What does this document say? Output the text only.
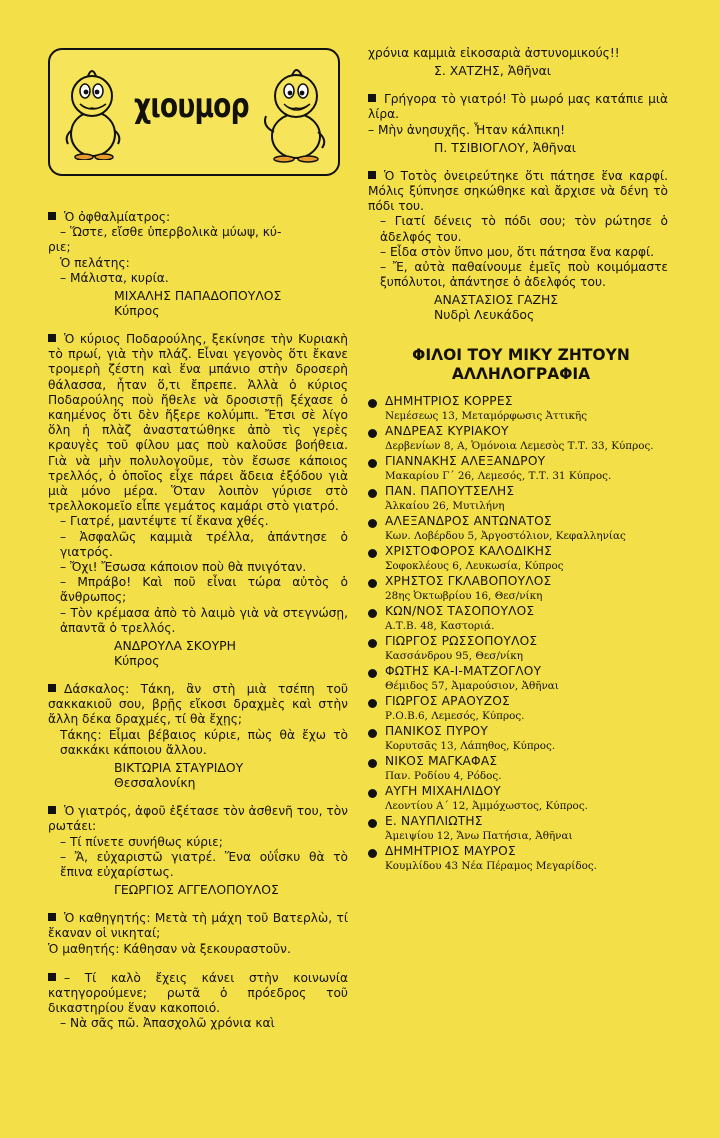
χιουμορ

Ὁ ὀφθαλμίατρος:

– Ὥστε, εἴσθε ὑπερβολικὰ μύωψ, κύ-

ριε;

Ὁ πελάτης:

– Μάλιστα, κυρία.

ΜΙΧΑΛΗΣ ΠΑΠΑΔΟΠΟΥΛΟΣ

Κύπρος

Ὁ κύριος Ποδαρούλης, ξεκίνησε τὴν Κυριακὴ τὸ πρωί, γιὰ τὴν πλάζ. Εἶναι γεγονὸς ὅτι ἔκανε τρομερὴ ζέστη καὶ ἕνα μπάνιο στὴν δροσερὴ θάλασσα, ἦταν ὅ,τι ἔπρεπε. Ἀλλὰ ὁ κύριος Ποδαρούλης ποὺ ἤθελε νὰ δροσιστῇ ξέχασε ὁ καημένος ὅτι δὲν ἤξερε κολύμπι. Ἔτσι σὲ λίγο ὅλη ἡ πλὰζ ἀναστατώθηκε ἀπὸ τὶς γερὲς κραυγὲς τοῦ φίλου μας ποὺ καλοῦσε βοήθεια. Γιὰ νὰ μὴν πολυλογοῦμε, τὸν ἔσωσε κάποιος τρελλός, ὁ ὁποῖος εἶχε πάρει ἄδεια ἐξόδου γιὰ μιὰ μόνο μέρα. Ὅταν λοιπὸν γύρισε στὸ τρελλοκομεῖο εἶπε γεμάτος καμάρι στὸ γιατρό.

– Γιατρέ, μαντέψτε τί ἔκανα χθές.

– Ἀσφαλῶς καμμιὰ τρέλλα, ἀπάντησε ὁ γιατρός.

– Ὄχι! Ἔσωσα κάποιον ποὺ θὰ πνιγόταν.

– Μπράβο! Καὶ ποῦ εἶναι τώρα αὐτὸς ὁ ἄνθρωπος;

– Τὸν κρέμασα ἀπὸ τὸ λαιμὸ γιὰ νὰ στεγνώσῃ, ἀπαντᾶ ὁ τρελλός.

ΑΝΔΡΟΥΛΑ ΣΚΟΥΡΗ

Κύπρος

Δάσκαλος: Τάκη, ἂν στὴ μιὰ τσέπη τοῦ σακκακιοῦ σου, βρῇς εἴκοσι δραχμὲς καὶ στὴν ἄλλη δέκα δραχμές, τί θὰ ἔχῃς;

Τάκης: Εἶμαι βέβαιος κύριε, πὼς θὰ ἔχω τὸ σακκάκι κάποιου ἄλλου.

ΒΙΚΤΩΡΙΑ ΣΤΑΥΡΙΔΟΥ

Θεσσαλονίκη

Ὁ γιατρός, ἀφοῦ ἐξέτασε τὸν ἀσθενῆ του, τὸν ρωτάει:

– Τί πίνετε συνήθως κύριε;

– Ἄ, εὐχαριστῶ γιατρέ. Ἕνα οὐΐσκυ θὰ τὸ ἔπινα εὐχαρίστως.

ΓΕΩΡΓΙΟΣ ΑΓΓΕΛΟΠΟΥΛΟΣ

Ὁ καθηγητής: Μετὰ τὴ μάχη τοῦ Βατερλὼ, τί ἔκαναν οἱ νικηταί;

Ὁ μαθητής: Κάθησαν νὰ ξεκουραστοῦν.

– Τί καλὸ ἔχεις κάνει στὴν κοινωνία κατηγορούμενε; ρωτᾶ ὁ πρόεδρος τοῦ δικαστηρίου ἕναν κακοποιό.

– Νὰ σᾶς πῶ. Ἀπασχολῶ χρόνια καὶ

χρόνια καμμιὰ εἰκοσαριὰ ἀστυνομικούς!!

Σ. ΧΑΤΖΗΣ, Ἀθῆναι

Γρήγορα τὸ γιατρό! Τὸ μωρό μας κατάπιε μιὰ λίρα.

– Μὴν ἀνησυχῆς. Ἦταν κάλπικη!

Π. ΤΣΙΒΙΟΓΛΟΥ, Ἀθῆναι

Ὁ Τοτὸς ὀνειρεύτηκε ὅτι πάτησε ἕνα καρφί. Μόλις ξύπνησε σηκώθηκε καὶ ἄρχισε νὰ δένη τὸ πόδι του.

– Γιατί δένεις τὸ πόδι σου; τὸν ρώτησε ὁ ἀδελφός του.

– Εἶδα στὸν ὕπνο μου, ὅτι πάτησα ἕνα καρφί.

– Ἔ, αὐτὰ παθαίνουμε ἐμεῖς ποὺ κοιμόμαστε ξυπόλυτοι, ἀπάντησε ὁ ἀδελφός του.

ΑΝΑΣΤΑΣΙΟΣ ΓΑΖΗΣ

Νυδρὶ Λευκάδος

ΦΙΛΟΙ ΤΟΥ ΜΙΚΥ ΖΗΤΟΥΝ ΑΛΛΗΛΟΓΡΑΦΙΑ
ΔΗΜΗΤΡΙΟΣ ΚΟΡΡΕΣ
Νεμέσεως 13, Μεταμόρφωσις Ἀττικῆς
ΑΝΔΡΕΑΣ ΚΥΡΙΑΚΟΥ
Δερβενίων 8, Α, Ὁμόνοια Λεμεσὸς Τ.Τ. 33, Κύπρος.
ΓΙΑΝΝΑΚΗΣ ΑΛΕΞΑΝΔΡΟΥ
Μακαρίου Γ΄ 26, Λεμεσός, Τ.Τ. 31 Κύπρος.
ΠΑΝ. ΠΑΠΟΥΤΣΕΛΗΣ
Ἀλκαίου 26, Μυτιλήνη
ΑΛΕΞΑΝΔΡΟΣ ΑΝΤΩΝΑΤΟΣ
Κων. Λοβέρδου 5, Ἀργοστόλιον, Κεφαλληνίας
ΧΡΙΣΤΟΦΟΡΟΣ ΚΑΛΟΔΙΚΗΣ
Σοφοκλέους 6, Λευκωσία, Κύπρος
ΧΡΗΣΤΟΣ ΓΚΛΑΒΟΠΟΥΛΟΣ
28ης Ὀκτωβρίου 16, Θεσ/νίκη
ΚΩΝ/ΝΟΣ ΤΑΣΟΠΟΥΛΟΣ
Α.Τ.Β. 48, Καστοριά.
ΓΙΩΡΓΟΣ ΡΩΣΣΟΠΟΥΛΟΣ
Κασσάνδρου 95, Θεσ/νίκη
ΦΩΤΗΣ ΚΑ-Ι-ΜΑΤΖΟΓΛΟΥ
Θέμιδος 57, Ἀμαρούσιον, Ἀθῆναι
ΓΙΩΡΓΟΣ ΑΡΑΟΥΖΟΣ
Ρ.Ο.Β.6, Λεμεσός, Κύπρος.
ΠΑΝΙΚΟΣ ΠΥΡΟΥ
Κορυτσᾶς 13, Λάπηθος, Κύπρος.
ΝΙΚΟΣ ΜΑΓΚΑΦΑΣ
Παν. Ροδίου 4, Ρόδος.
ΑΥΓΗ ΜΙΧΑΗΛΙΔΟΥ
Λεοντίου Α΄ 12, Ἀμμόχωστος, Κύπρος.
Ε. ΝΑΥΠΛΙΩΤΗΣ
Ἀμειψίου 12, Ἄνω Πατήσια, Ἀθῆναι
ΔΗΜΗΤΡΙΟΣ ΜΑΥΡΟΣ
Κουμλίδου 43 Νέα Πέραμος Μεγαρίδος.
